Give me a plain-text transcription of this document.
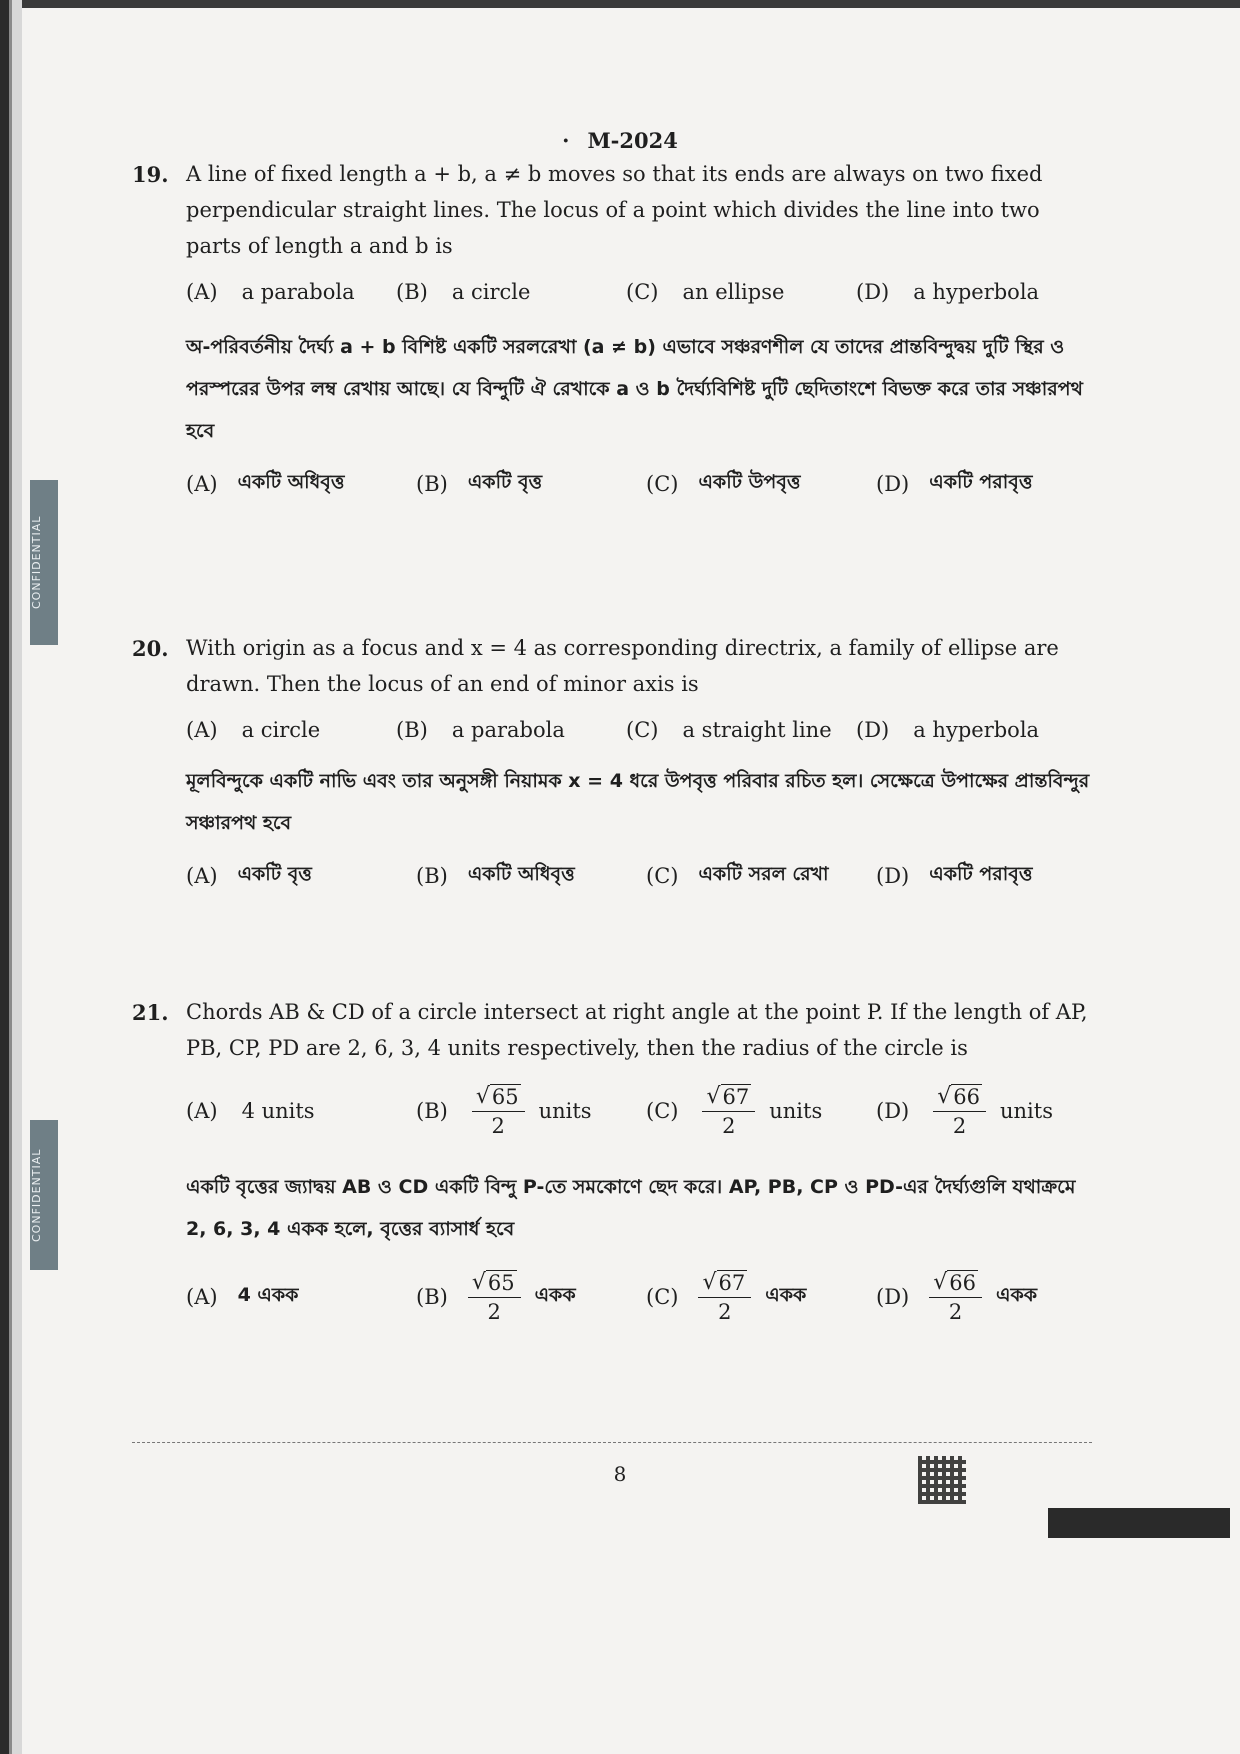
CONFIDENTIAL
CONFIDENTIAL
· M-2024
19. A line of fixed length a + b, a ≠ b moves so that its ends are always on two fixed perpendicular straight lines. The locus of a point which divides the line into two parts of length a and b is
(A) a parabola (B) a circle	(C) an ellipse	(D) a hyperbola
অ-পরিবর্তনীয় দৈর্ঘ্য a + b বিশিষ্ট একটি সরলরেখা (a ≠ b) এভাবে সঞ্চরণশীল যে তাদের প্রান্তবিন্দুদ্বয় দুটি স্থির ও পরস্পরের উপর লম্ব রেখায় আছে। যে বিন্দুটি ঐ রেখাকে a ও b দৈর্ঘ্যবিশিষ্ট দুটি ছেদিতাংশে বিভক্ত করে তার সঞ্চারপথ হবে
(A) একটি অধিবৃত্ত	(B) একটি বৃত্ত	(C) একটি উপবৃত্ত	(D) একটি পরাবৃত্ত
20. With origin as a focus and x = 4 as corresponding directrix, a family of ellipse are drawn. Then the locus of an end of minor axis is
(A) a circle	(B) a parabola	(C) a straight line (D) a hyperbola
মূলবিন্দুকে একটি নাভি এবং তার অনুসঙ্গী নিয়ামক x = 4 ধরে উপবৃত্ত পরিবার রচিত হল। সেক্ষেত্রে উপাক্ষের প্রান্তবিন্দুর সঞ্চারপথ হবে
(A) একটি বৃত্ত	(B) একটি অধিবৃত্ত	(C) একটি সরল রেখা (D) একটি পরাবৃত্ত
21. Chords AB & CD of a circle intersect at right angle at the point P. If the length of AP, PB, CP, PD are 2, 6, 3, 4 units respectively, then the radius of the circle is
(A) 4 units	$(B) \frac{√ 65}{2}$ units	$(C) \frac{√ 67}{2}$ units	$(D) \frac{√ 66}{2}$ units
একটি বৃত্তের জ্যাদ্বয় AB ও CD একটি বিন্দু P-তে সমকোণে ছেদ করে। AP, PB, CP ও PD-এর দৈর্ঘ্যগুলি যথাক্রমে 2, 6, 3, 4 একক হলে, বৃত্তের ব্যাসার্ধ হবে
(A) 4 একক	$(B) \frac{√ 65}{2}$ একক	$(C) \frac{√ 67}{2}$ একক	$(D) \frac{√ 66}{2}$ একক
8
